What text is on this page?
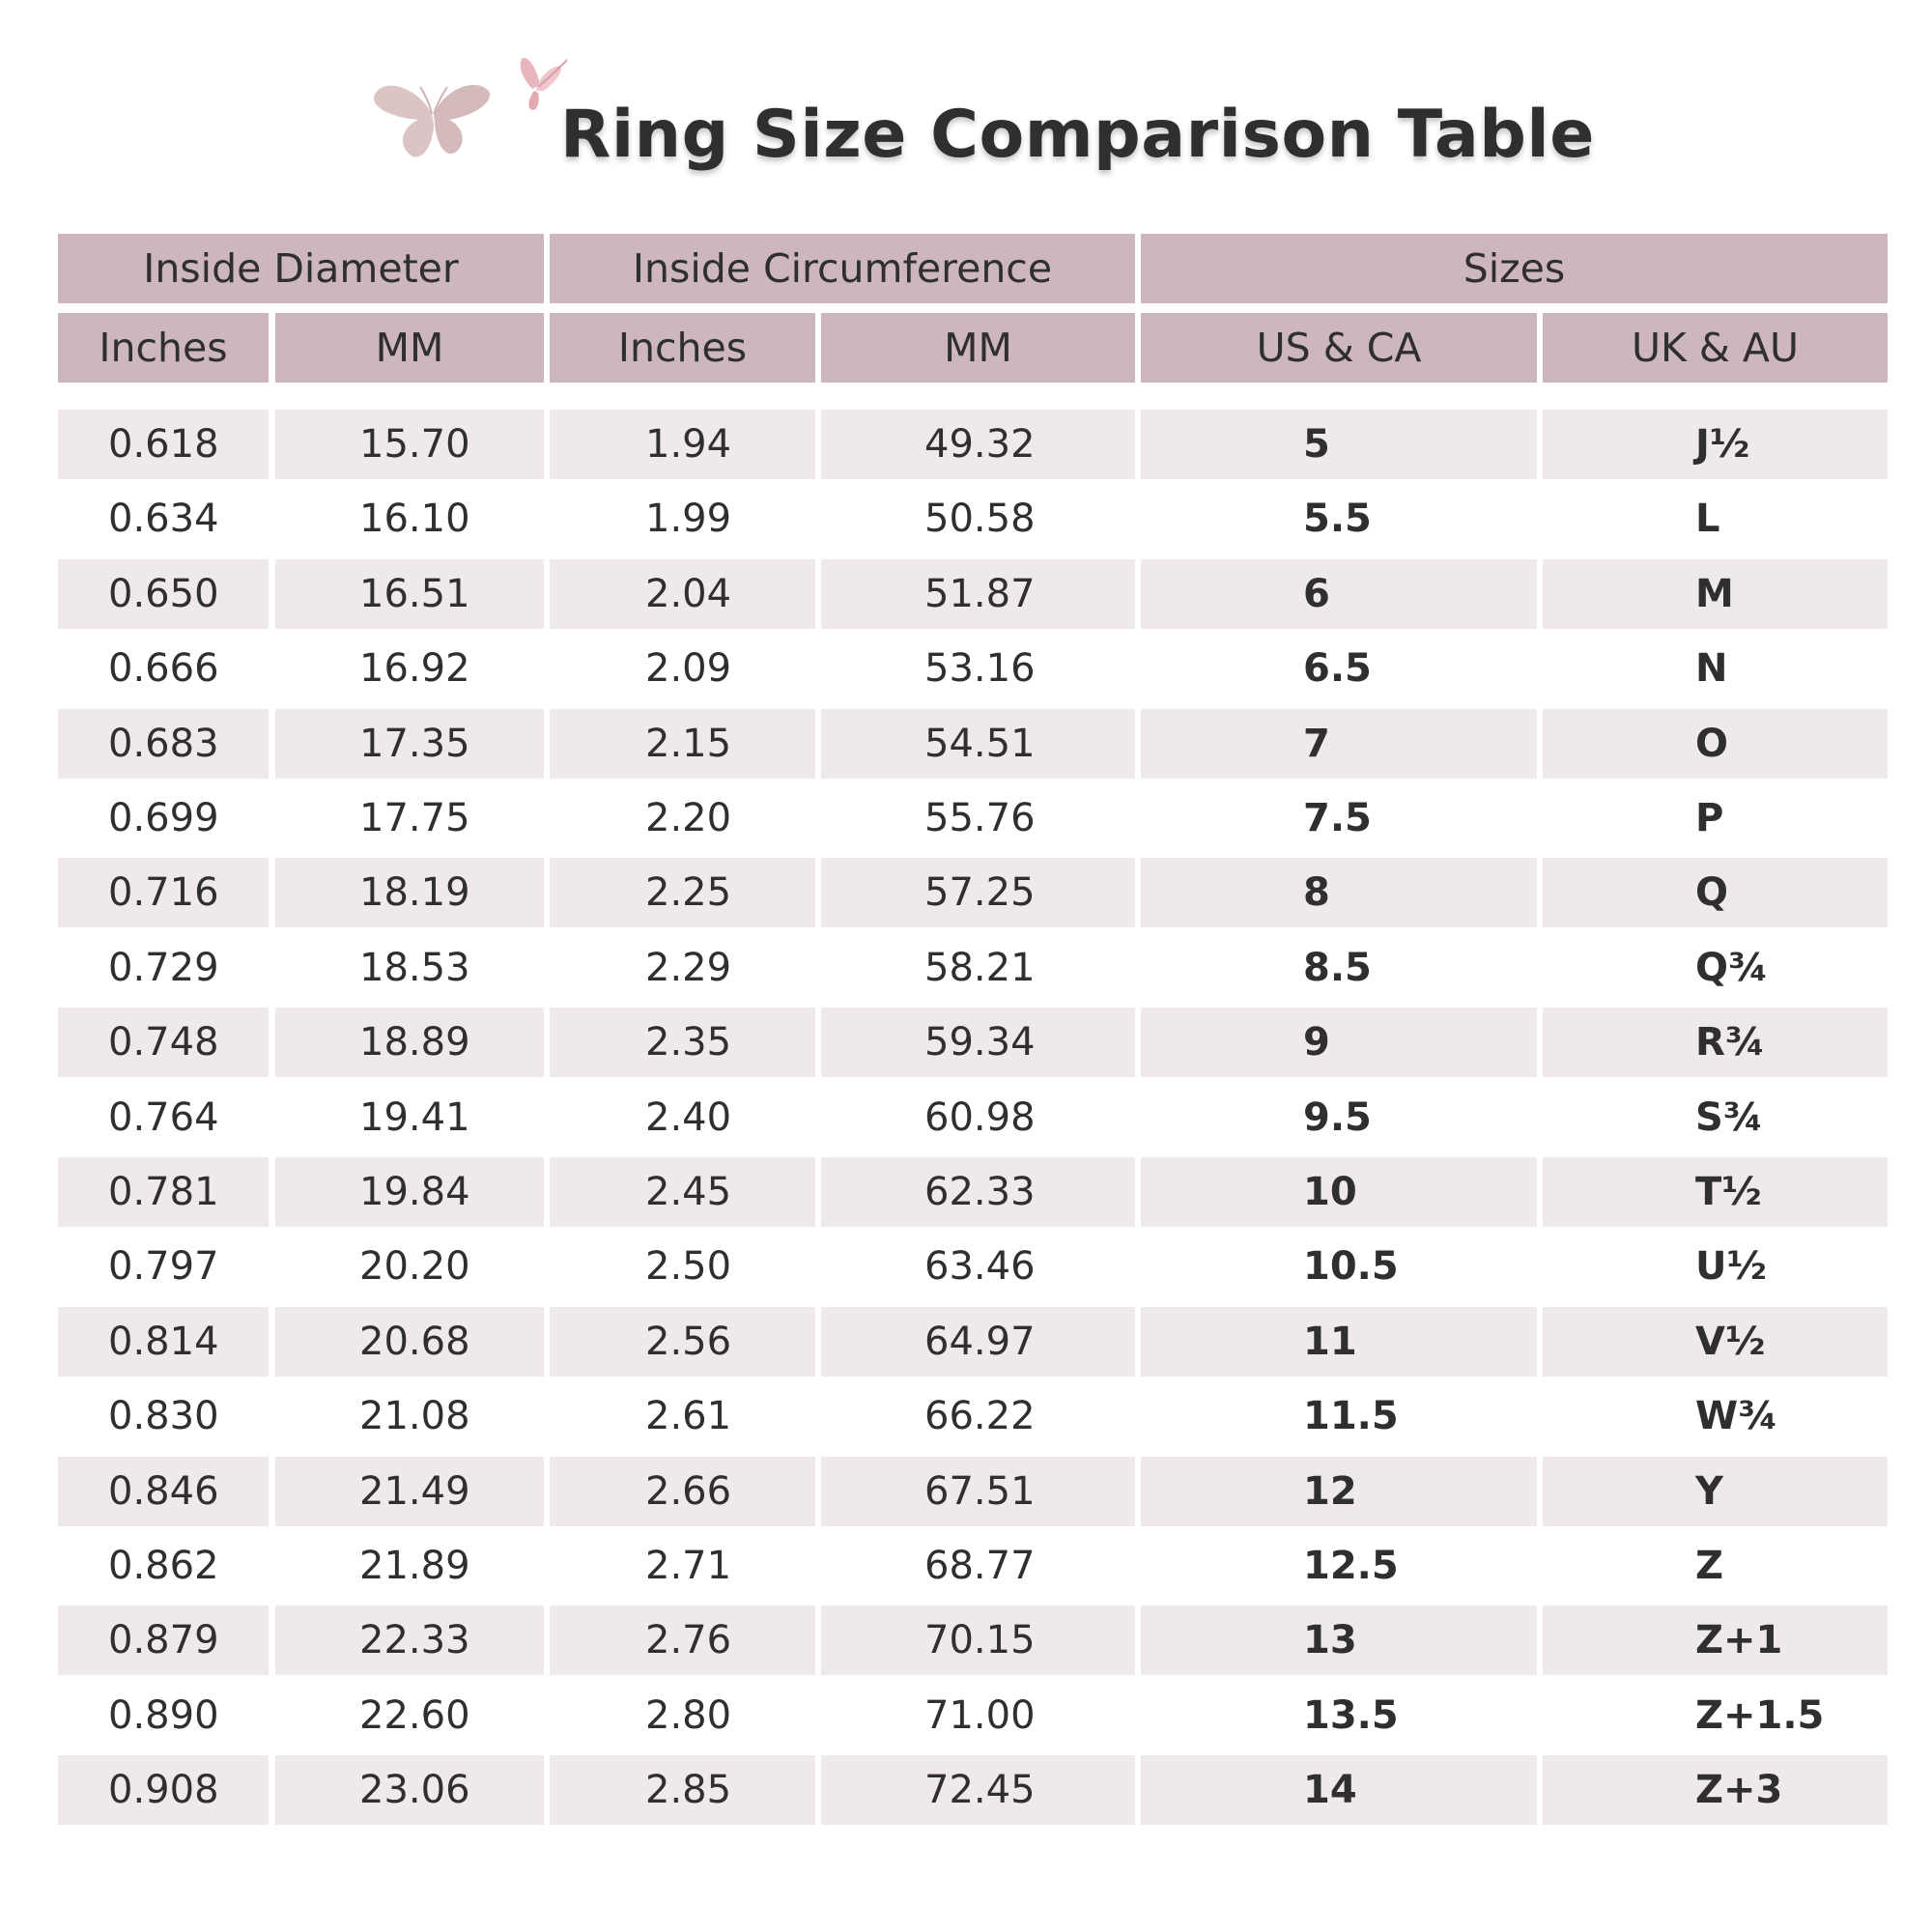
Ring Size Comparison Table
Inside Diameter	Inside Circumference	Sizes
Inches	MM	Inches	MM	US & CA	UK & AU
0.618	15.70	1.94	49.32	5	J½
0.634	16.10	1.99	50.58	5.5	L
0.650	16.51	2.04	51.87	6	M
0.666	16.92	2.09	53.16	6.5	N
0.683	17.35	2.15	54.51	7	O
0.699	17.75	2.20	55.76	7.5	P
0.716	18.19	2.25	57.25	8	Q
0.729	18.53	2.29	58.21	8.5	Q¾
0.748	18.89	2.35	59.34	9	R¾
0.764	19.41	2.40	60.98	9.5	S¾
0.781	19.84	2.45	62.33	10	T½
0.797	20.20	2.50	63.46	10.5	U½
0.814	20.68	2.56	64.97	11	V½
0.830	21.08	2.61	66.22	11.5	W¾
0.846	21.49	2.66	67.51	12	Y
0.862	21.89	2.71	68.77	12.5	Z
0.879	22.33	2.76	70.15	13	Z+1
0.890	22.60	2.80	71.00	13.5	Z+1.5
0.908	23.06	2.85	72.45	14	Z+3
